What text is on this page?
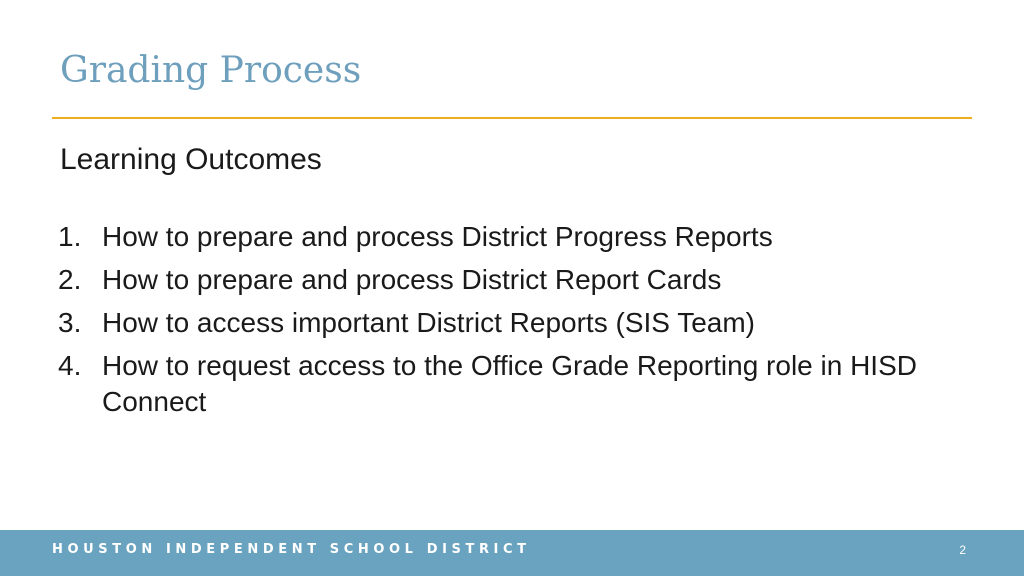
Grading Process
Learning Outcomes
1. How to prepare and process District Progress Reports
2. How to prepare and process District Report Cards
3. How to access important District Reports (SIS Team)
4. How to request access to the Office Grade Reporting role in HISD Connect
HOUSTON INDEPENDENT SCHOOL DISTRICT	2
